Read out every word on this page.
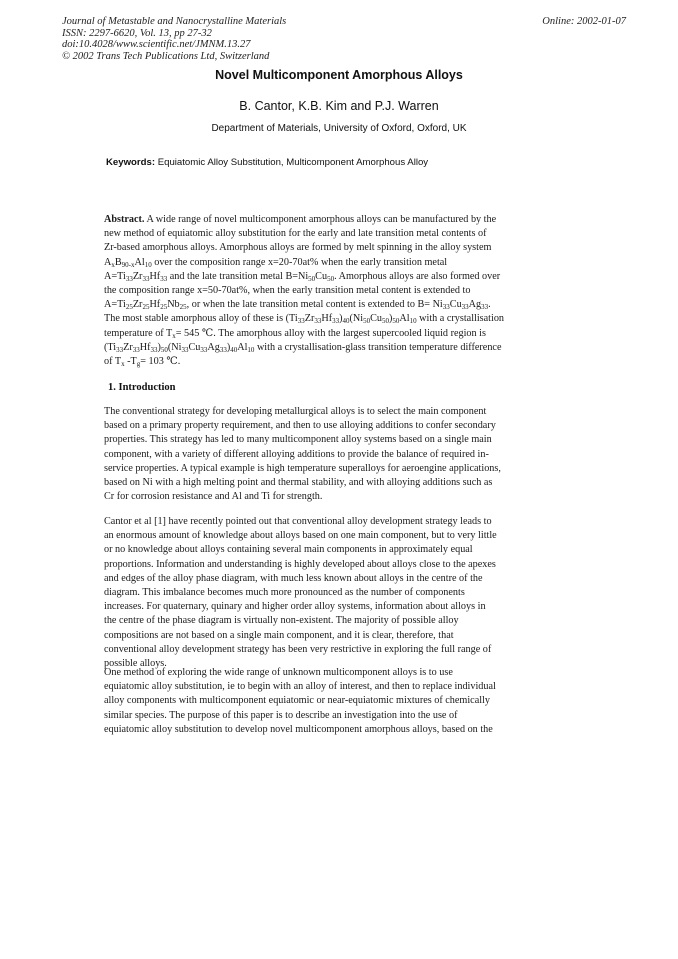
Journal of Metastable and Nanocrystalline Materials
ISSN: 2297-6620, Vol. 13, pp 27-32
doi:10.4028/www.scientific.net/JMNM.13.27
© 2002 Trans Tech Publications Ltd, Switzerland
Online: 2002-01-07
Novel Multicomponent Amorphous Alloys
B. Cantor, K.B. Kim and P.J. Warren
Department of Materials, University of Oxford, Oxford, UK
Keywords: Equiatomic Alloy Substitution, Multicomponent Amorphous Alloy
Abstract. A wide range of novel multicomponent amorphous alloys can be manufactured by the
new method of equiatomic alloy substitution for the early and late transition metal contents of
Zr-based amorphous alloys. Amorphous alloys are formed by melt spinning in the alloy system
$A_xB_{90-x}Al_{10}$ over the composition range x=20-70at% when the early transition metal
$A=Ti_{33}Zr_{33}Hf_{33}$ and the late transition metal $B=Ni_{50}Cu_{50}$. Amorphous alloys are also formed over
the composition range x=50-70at%, when the early transition metal content is extended to
$A=Ti_{25}Zr_{25}Hf_{25}Nb_{25}$, or when the late transition metal content is extended to $B= Ni_{33}Cu_{33}Ag_{33}$.
The most stable amorphous alloy of these is $(Ti_{33}Zr_{33}Hf_{33})_{40}(Ni_{50}Cu_{50})_{50}Al_{10}$ with a crystallisation
temperature of $T_x= 545$ ℃. The amorphous alloy with the largest supercooled liquid region is
$(Ti_{33}Zr_{33}Hf_{33})_{50}(Ni_{33}Cu_{33}Ag_{33})_{40}Al_{10}$ with a crystallisation-glass transition temperature difference
of $T_x$ $-T_g= 103$ ℃.
1. Introduction
The conventional strategy for developing metallurgical alloys is to select the main component
based on a primary property requirement, and then to use alloying additions to confer secondary
properties. This strategy has led to many multicomponent alloy systems based on a single main
component, with a variety of different alloying additions to provide the balance of required in-
service properties. A typical example is high temperature superalloys for aeroengine applications,
based on Ni with a high melting point and thermal stability, and with alloying additions such as
Cr for corrosion resistance and Al and Ti for strength.
Cantor et al [1] have recently pointed out that conventional alloy development strategy leads to
an enormous amount of knowledge about alloys based on one main component, but to very little
or no knowledge about alloys containing several main components in approximately equal
proportions. Information and understanding is highly developed about alloys close to the apexes
and edges of the alloy phase diagram, with much less known about alloys in the centre of the
diagram. This imbalance becomes much more pronounced as the number of components
increases. For quaternary, quinary and higher order alloy systems, information about alloys in
the centre of the phase diagram is virtually non-existent. The majority of possible alloy
compositions are not based on a single main component, and it is clear, therefore, that
conventional alloy development strategy has been very restrictive in exploring the full range of
possible alloys.
One method of exploring the wide range of unknown multicomponent alloys is to use
equiatomic alloy substitution, ie to begin with an alloy of interest, and then to replace individual
alloy components with multicomponent equiatomic or near-equiatomic mixtures of chemically
similar species. The purpose of this paper is to describe an investigation into the use of
equiatomic alloy substitution to develop novel multicomponent amorphous alloys, based on the
